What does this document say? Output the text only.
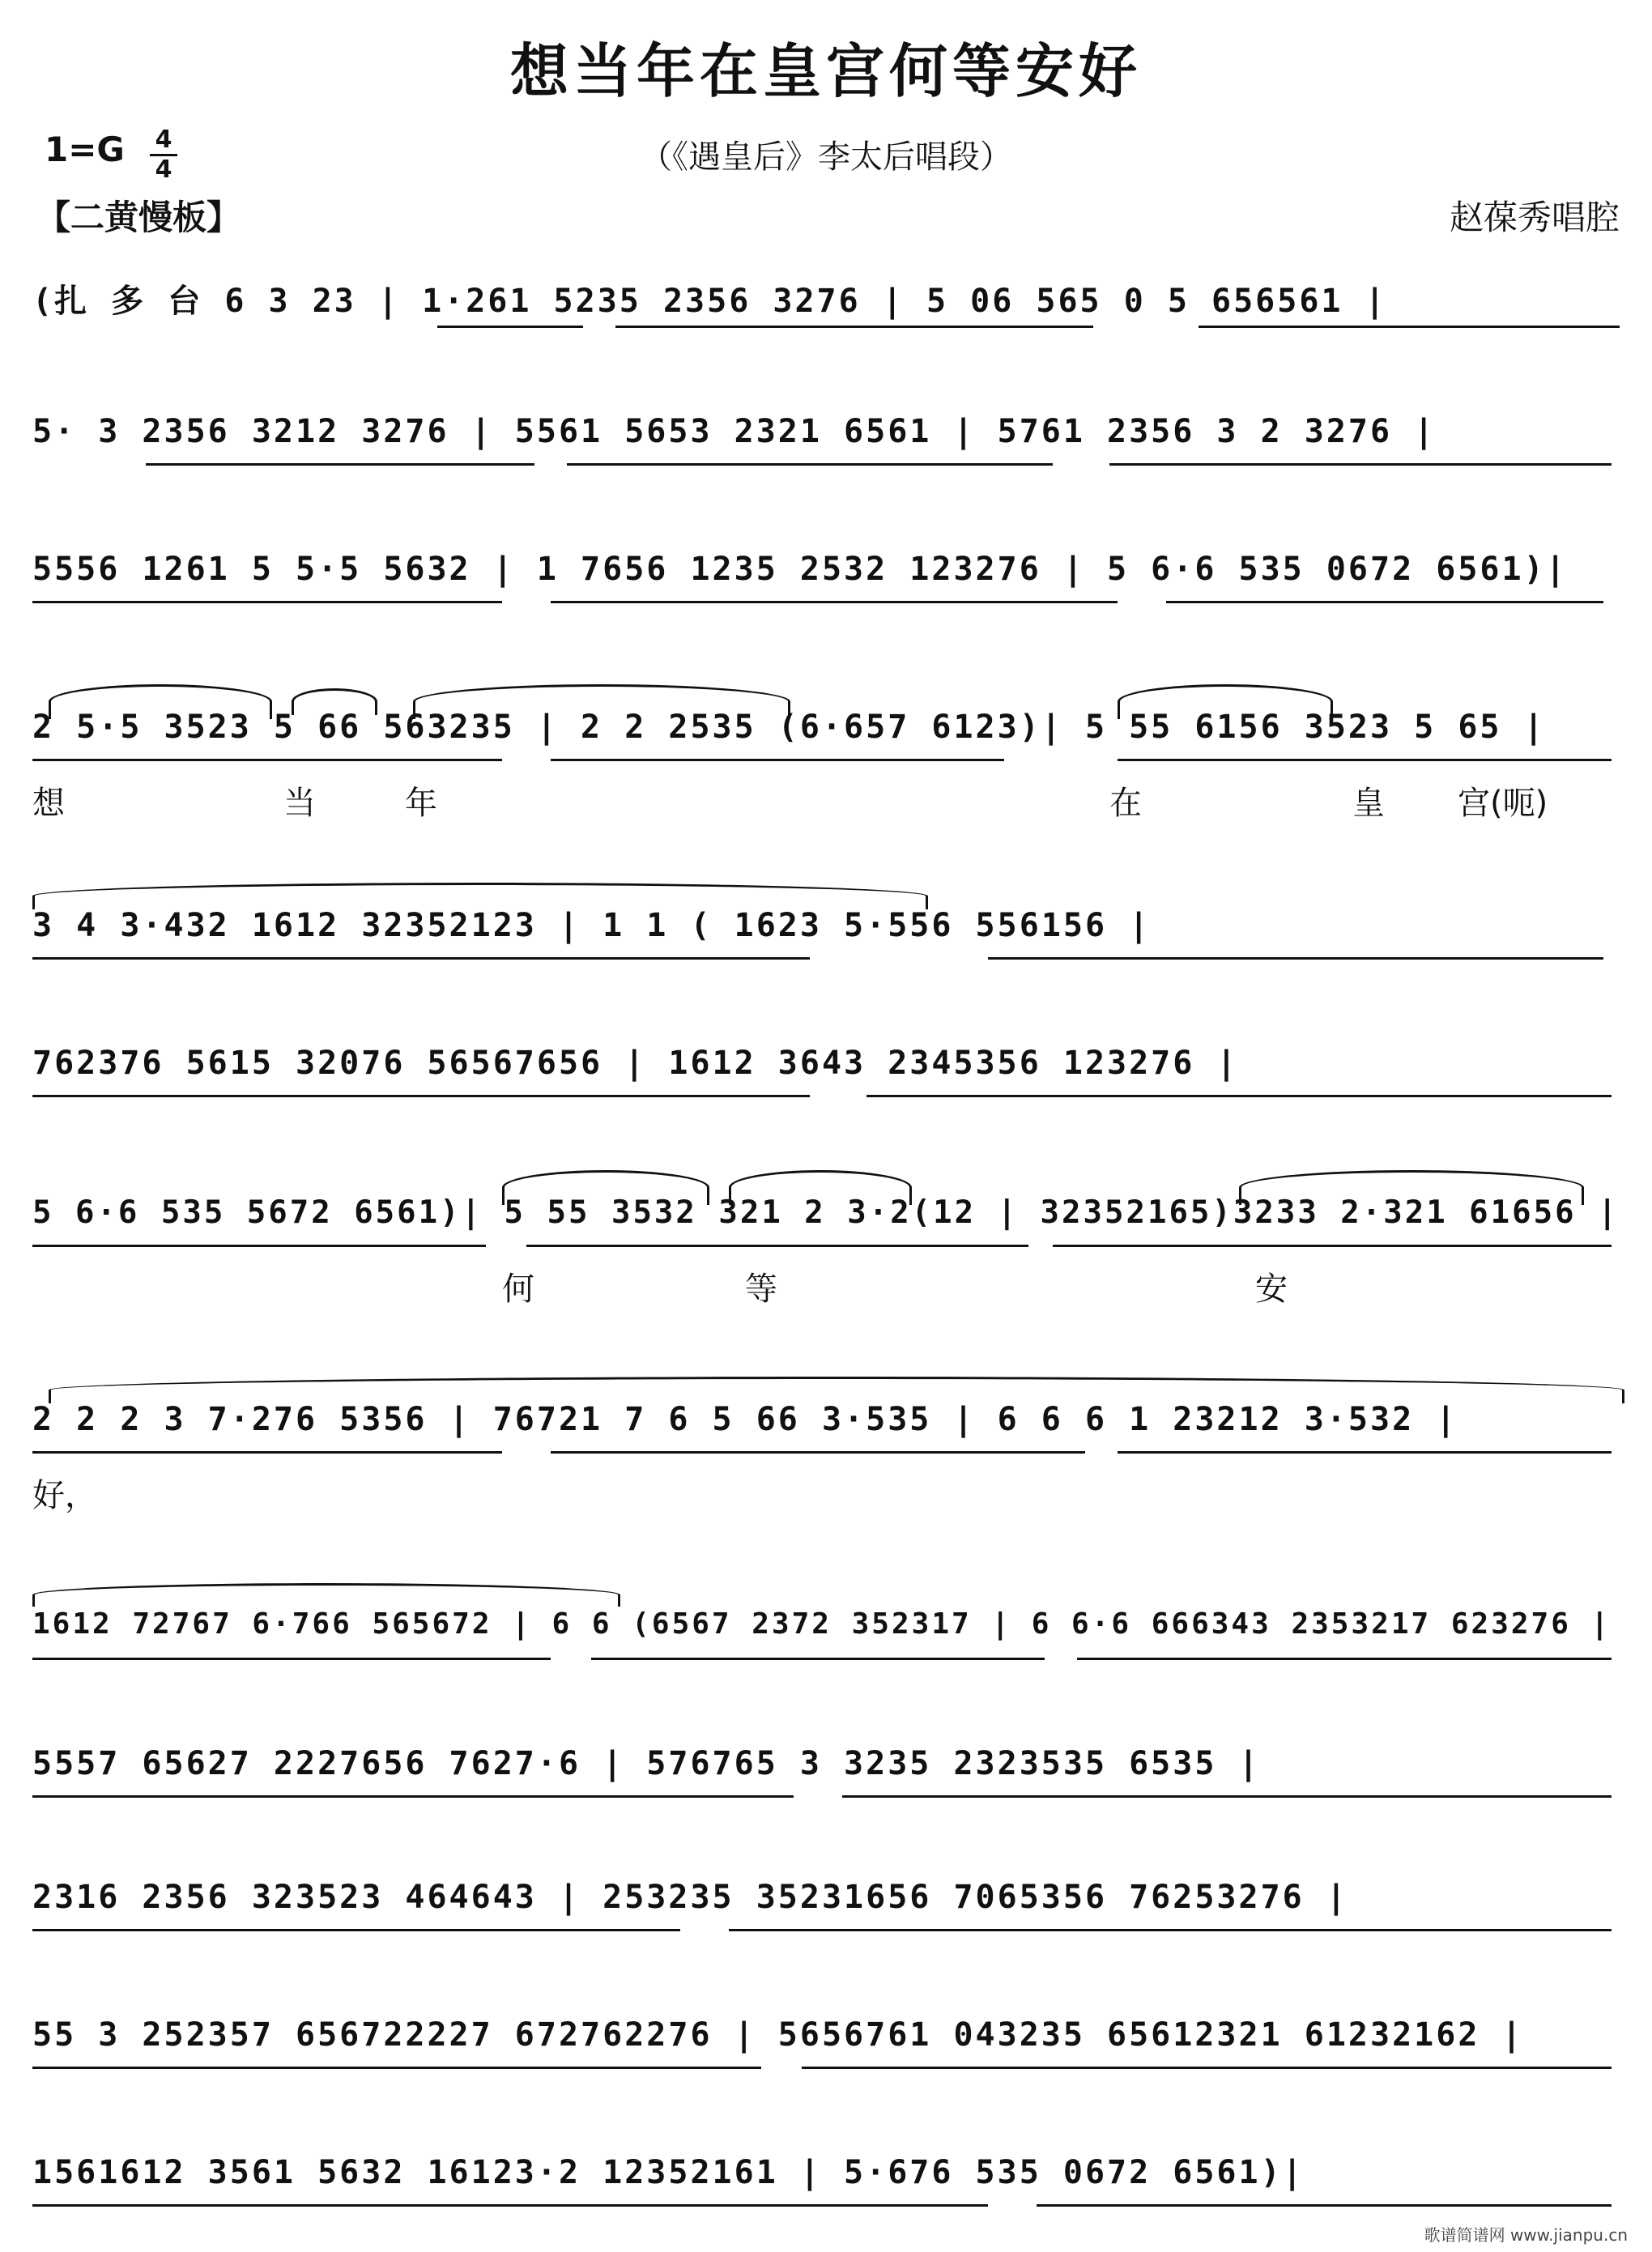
想当年在皇宫何等安好
1=G 4
4	（《遇皇后》李太后唱段）
【二黄慢板】	赵葆秀唱腔
(扎 多 台 6 3 23 | 1·261 5235 2356 3276 | 5 06 565 0 5 656561 |
5· 3 2356 3212 3276 | 5561 5653 2321 6561 | 5761 2356 3 2 3276 |
5556 1261 5 5·5 5632 | 1 7656 1235 2532 123276 | 5 6·6 535 0672 6561)|
2 5·5 3523 5 66 563235 | 2 2 2535 (6·657 6123)| 5 55 6156 3523 5 65 |
想	当	年	在	皇 宫(呃)
3 4 3·432 1612 32352123 | 1 1 ( 1623 5·556 556156 |
762376 5615 32076 56567656 | 1612 3643 2345356 123276 |
5 6·6 535 5672 6561)| 5 55 3532 321 2 3·2(12 | 32352165)3233 2·321 61656 |
何	等	安
2 2 2 3 7·276 5356 | 76721 7 6 5 66 3·535 | 6 6 6 1 23212 3·532 |
好，
1612 72767 6·766 565672 | 6 6 (6567 2372 352317 | 6 6·6 666343 2353217 623276 |
5557 65627 2227656 7627·6 | 576765 3 3235 2323535 6535 |
2316 2356 323523 464643 | 253235 35231656 7065356 76253276 |
55 3 252357 656722227 672762276 | 5656761 043235 65612321 61232162 |
1561612 3561 5632 16123·2 12352161 | 5·676 535 0672 6561)|
歌谱简谱网 www.jianpu.cn
